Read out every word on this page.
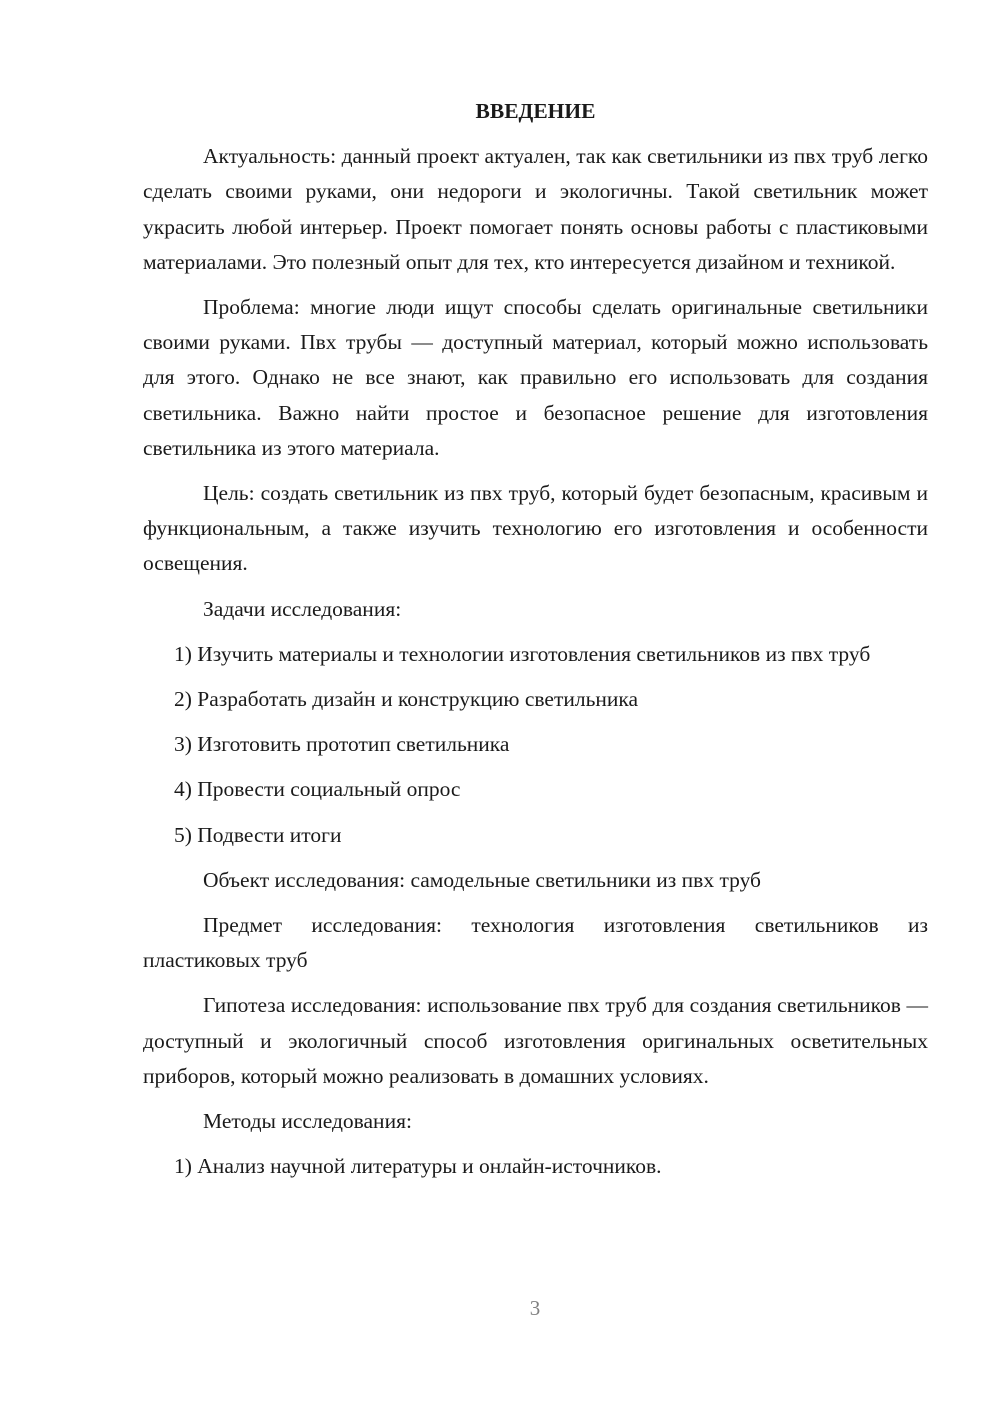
ВВЕДЕНИЕ
Актуальность: данный проект актуален, так как светильники из пвх труб легко сделать своими руками, они недороги и экологичны. Такой светильник может украсить любой интерьер. Проект помогает понять основы работы с пластиковыми материалами. Это полезный опыт для тех, кто интересуется дизайном и техникой.
Проблема: многие люди ищут способы сделать оригинальные светильники своими руками. Пвх трубы — доступный материал, который можно использовать для этого. Однако не все знают, как правильно его использовать для создания светильника. Важно найти простое и безопасное решение для изготовления светильника из этого материала.
Цель: создать светильник из пвх труб, который будет безопасным, красивым и функциональным, а также изучить технологию его изготовления и особенности освещения.
Задачи исследования:
1) Изучить материалы и технологии изготовления светильников из пвх труб
2) Разработать дизайн и конструкцию светильника
3) Изготовить прототип светильника
4) Провести социальный опрос
5) Подвести итоги
Объект исследования: самодельные светильники из пвх труб
Предмет исследования: технология изготовления светильников из пластиковых труб
Гипотеза исследования: использование пвх труб для создания светильников — доступный и экологичный способ изготовления оригинальных осветительных приборов, который можно реализовать в домашних условиях.
Методы исследования:
1) Анализ научной литературы и онлайн-источников.
3
